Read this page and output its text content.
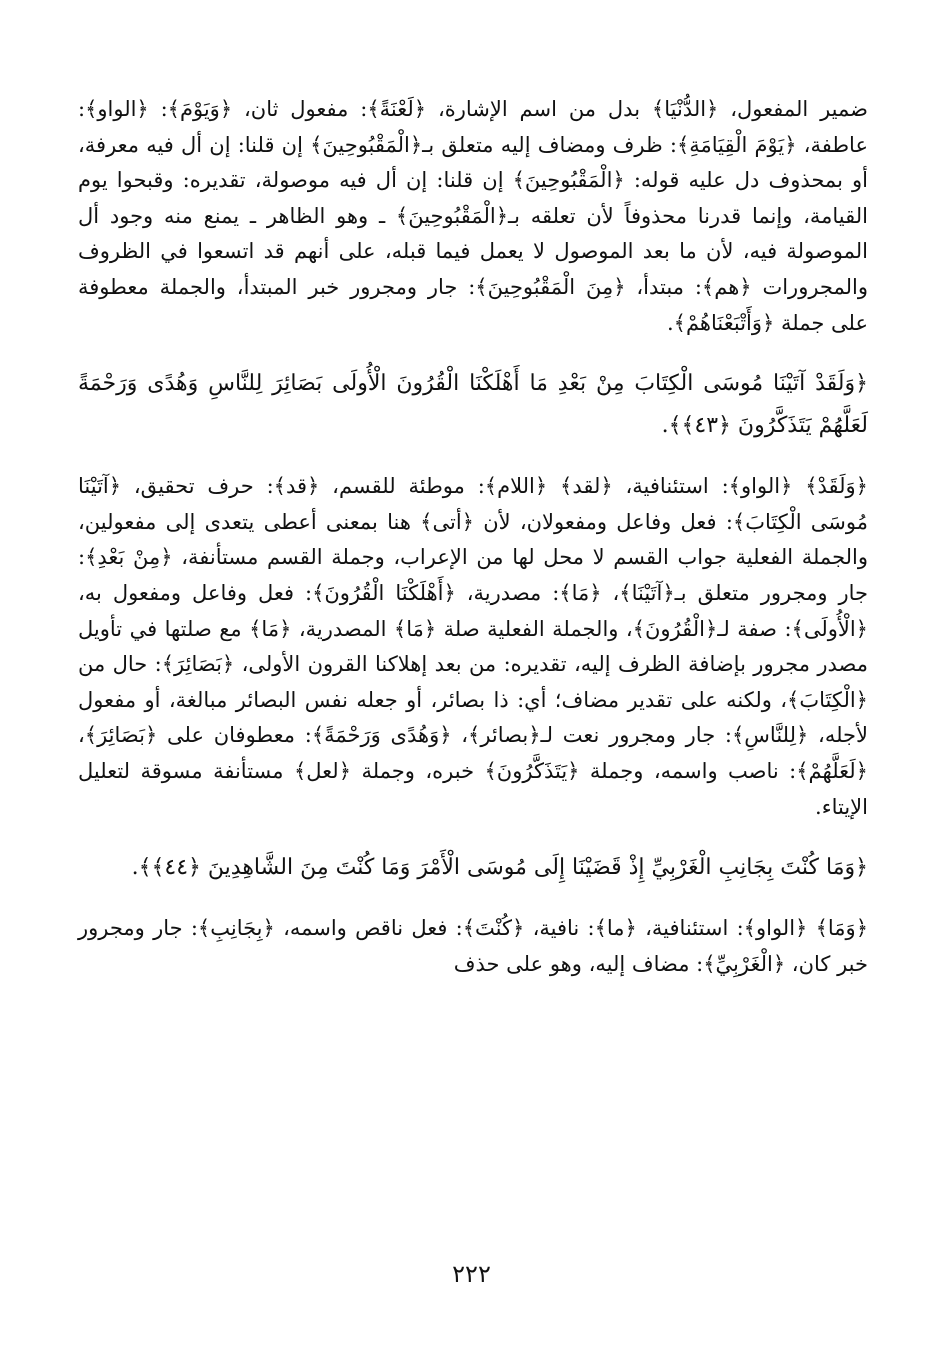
ضمير المفعول، ﴿الدُّنْيَا﴾ بدل من اسم الإشارة، ﴿لَعْنَةً﴾: مفعول ثان، ﴿وَيَوْمَ﴾: ﴿الواو﴾: عاطفة، ﴿يَوْمَ الْقِيَامَةِ﴾: ظرف ومضاف إليه متعلق بـ﴿الْمَقْبُوحِينَ﴾ إن قلنا: إن أل فيه معرفة، أو بمحذوف دل عليه قوله: ﴿الْمَقْبُوحِينَ﴾ إن قلنا: إن أل فيه موصولة، تقديره: وقبحوا يوم القيامة، وإنما قدرنا محذوفاً لأن تعلقه بـ﴿الْمَقْبُوحِينَ﴾ ـ وهو الظاهر ـ يمنع منه وجود أل الموصولة فيه، لأن ما بعد الموصول لا يعمل فيما قبله، على أنهم قد اتسعوا في الظروف والمجرورات ﴿هم﴾: مبتدأ، ﴿مِنَ الْمَقْبُوحِينَ﴾: جار ومجرور خبر المبتدأ، والجملة معطوفة على جملة ﴿وَأَتْبَعْنَاهُمْ﴾.

﴿وَلَقَدْ آتَيْنَا مُوسَى الْكِتَابَ مِنْ بَعْدِ مَا أَهْلَكْنَا الْقُرُونَ الْأُولَى بَصَائِرَ لِلنَّاسِ وَهُدًى وَرَحْمَةً لَعَلَّهُمْ يَتَذَكَّرُونَ ﴿٤٣﴾﴾.

﴿وَلَقَدْ﴾ ﴿الواو﴾: استئنافية، ﴿لقد﴾ ﴿اللام﴾: موطئة للقسم، ﴿قد﴾: حرف تحقيق، ﴿آتَيْنَا مُوسَى الْكِتَابَ﴾: فعل وفاعل ومفعولان، لأن ﴿أتى﴾ هنا بمعنى أعطى يتعدى إلى مفعولين، والجملة الفعلية جواب القسم لا محل لها من الإعراب، وجملة القسم مستأنفة، ﴿مِنْ بَعْدِ﴾: جار ومجرور متعلق بـ﴿آتَيْنَا﴾، ﴿مَا﴾: مصدرية، ﴿أَهْلَكْنَا الْقُرُونَ﴾: فعل وفاعل ومفعول به، ﴿الْأُولَى﴾: صفة لـ﴿الْقُرُونَ﴾، والجملة الفعلية صلة ﴿مَا﴾ المصدرية، ﴿مَا﴾ مع صلتها في تأويل مصدر مجرور بإضافة الظرف إليه، تقديره: من بعد إهلاكنا القرون الأولى، ﴿بَصَائِرَ﴾: حال من ﴿الْكِتَابَ﴾، ولكنه على تقدير مضاف؛ أي: ذا بصائر، أو جعله نفس البصائر مبالغة، أو مفعول لأجله، ﴿لِلنَّاسِ﴾: جار ومجرور نعت لـ﴿بصائر﴾، ﴿وَهُدًى وَرَحْمَةً﴾: معطوفان على ﴿بَصَائِرَ﴾، ﴿لَعَلَّهُمْ﴾: ناصب واسمه، وجملة ﴿يَتَذَكَّرُونَ﴾ خبره، وجملة ﴿لعل﴾ مستأنفة مسوقة لتعليل الإيتاء.

﴿وَمَا كُنْتَ بِجَانِبِ الْغَرْبِيِّ إِذْ قَضَيْنَا إِلَى مُوسَى الْأَمْرَ وَمَا كُنْتَ مِنَ الشَّاهِدِينَ ﴿٤٤﴾﴾.

﴿وَمَا﴾ ﴿الواو﴾: استئنافية، ﴿ما﴾: نافية، ﴿كُنْتَ﴾: فعل ناقص واسمه، ﴿بِجَانِبِ﴾: جار ومجرور خبر كان، ﴿الْغَرْبِيِّ﴾: مضاف إليه، وهو على حذف

٢٢٢
